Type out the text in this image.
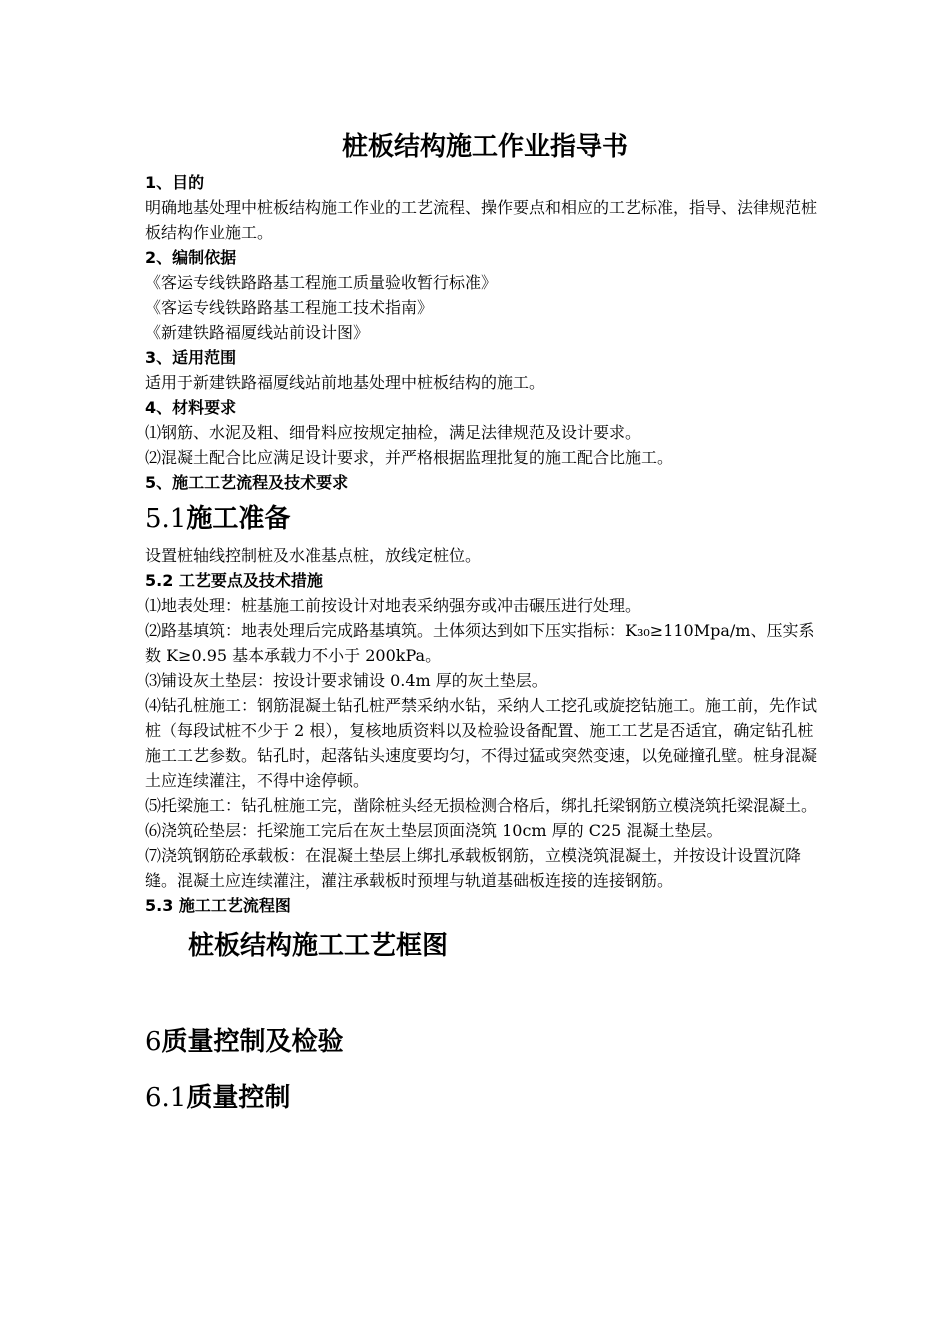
桩板结构施工作业指导书
1、目的
明确地基处理中桩板结构施工作业的工艺流程、操作要点和相应的工艺标准，指导、法律规范桩板结构作业施工。
2、编制依据
《客运专线铁路路基工程施工质量验收暂行标准》
《客运专线铁路路基工程施工技术指南》
《新建铁路福厦线站前设计图》
3、适用范围
适用于新建铁路福厦线站前地基处理中桩板结构的施工。
4、材料要求
⑴钢筋、水泥及粗、细骨料应按规定抽检，满足法律规范及设计要求。
⑵混凝土配合比应满足设计要求，并严格根据监理批复的施工配合比施工。
5、施工工艺流程及技术要求
5.1施工准备
设置桩轴线控制桩及水准基点桩，放线定桩位。
5.2 工艺要点及技术措施
⑴地表处理：桩基施工前按设计对地表采纳强夯或冲击碾压进行处理。
⑵路基填筑：地表处理后完成路基填筑。土体须达到如下压实指标：K₃₀≥110Mpa/m、压实系数 K≥0.95 基本承载力不小于 200kPa。
⑶铺设灰土垫层：按设计要求铺设 0.4m 厚的灰土垫层。
⑷钻孔桩施工：钢筋混凝土钻孔桩严禁采纳水钻，采纳人工挖孔或旋挖钻施工。施工前，先作试桩（每段试桩不少于 2 根），复核地质资料以及检验设备配置、施工工艺是否适宜，确定钻孔桩施工工艺参数。钻孔时，起落钻头速度要均匀，不得过猛或突然变速，以免碰撞孔壁。桩身混凝土应连续灌注，不得中途停顿。
⑸托梁施工：钻孔桩施工完，凿除桩头经无损检测合格后，绑扎托梁钢筋立模浇筑托梁混凝土。
⑹浇筑砼垫层：托梁施工完后在灰土垫层顶面浇筑 10cm 厚的 C25 混凝土垫层。
⑺浇筑钢筋砼承载板：在混凝土垫层上绑扎承载板钢筋，立模浇筑混凝土，并按设计设置沉降缝。混凝土应连续灌注，灌注承载板时预埋与轨道基础板连接的连接钢筋。
5.3 施工工艺流程图
桩板结构施工工艺框图
6质量控制及检验
6.1质量控制
